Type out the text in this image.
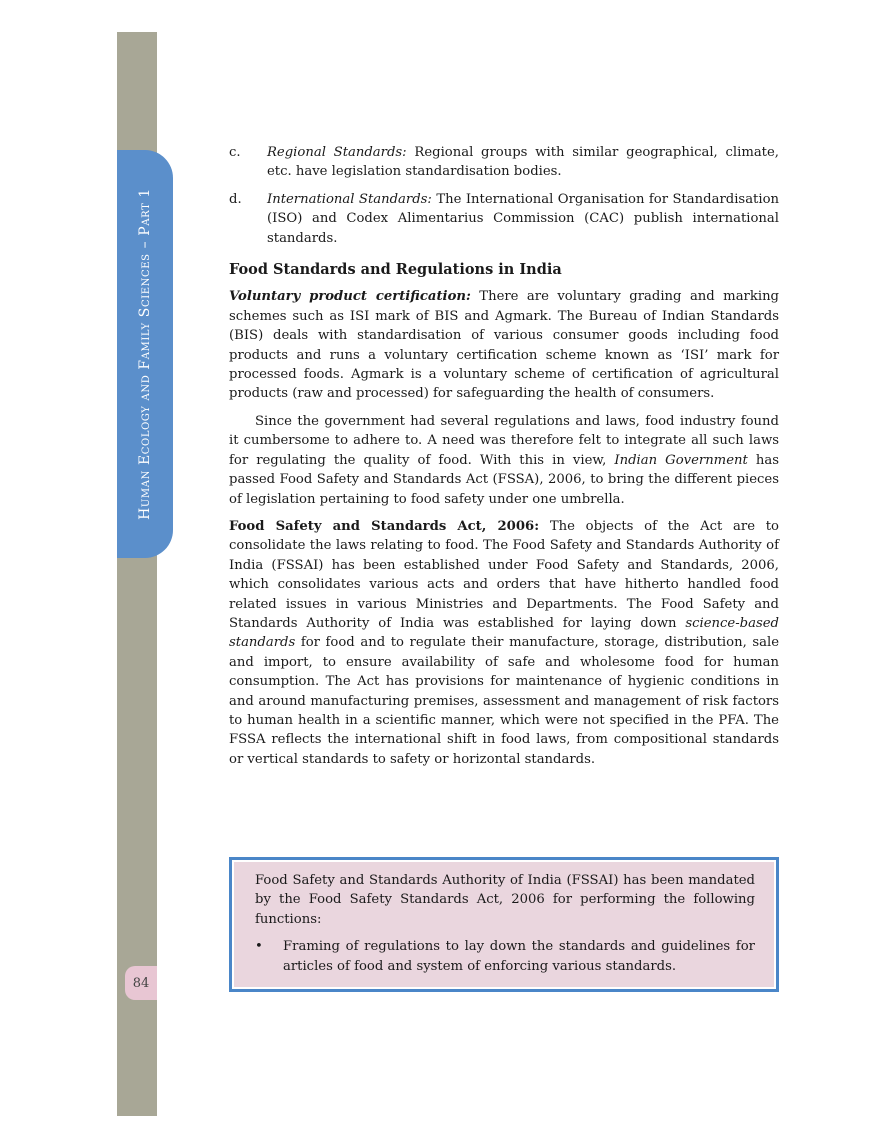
Human Ecology and Family Sciences – Part 1
84
c.	Regional Standards: Regional groups with similar geographical, climate, etc. have legislation standardisation bodies.
d.	International Standards: The International Organisation for Standardisation (ISO) and Codex Alimentarius Commission (CAC) publish international standards.
Food Standards and Regulations in India

Voluntary product certification: There are voluntary grading and marking schemes such as ISI mark of BIS and Agmark. The Bureau of Indian Standards (BIS) deals with standardisation of various consumer goods including food products and runs a voluntary certification scheme known as ‘ISI’ mark for processed foods. Agmark is a voluntary scheme of certification of agricultural products (raw and processed) for safeguarding the health of consumers.

Since the government had several regulations and laws, food industry found it cumbersome to adhere to. A need was therefore felt to integrate all such laws for regulating the quality of food. With this in view, Indian Government has passed Food Safety and Standards Act (FSSA), 2006, to bring the different pieces of legislation pertaining to food safety under one umbrella.

Food Safety and Standards Act, 2006: The objects of the Act are to consolidate the laws relating to food. The Food Safety and Standards Authority of India (FSSAI) has been established under Food Safety and Standards, 2006, which consolidates various acts and orders that have hitherto handled food related issues in various Ministries and Departments. The Food Safety and Standards Authority of India was established for laying down science-based standards for food and to regulate their manufacture, storage, distribution, sale and import, to ensure availability of safe and wholesome food for human consumption. The Act has provisions for maintenance of hygienic conditions in and around manufacturing premises, assessment and management of risk factors to human health in a scientific manner, which were not specified in the PFA. The FSSA reflects the international shift in food laws, from compositional standards or vertical standards to safety or horizontal standards.

Food Safety and Standards Authority of India (FSSAI) has been mandated by the Food Safety Standards Act, 2006 for performing the following functions:
•	Framing of regulations to lay down the standards and guidelines for articles of food and system of enforcing various standards.
